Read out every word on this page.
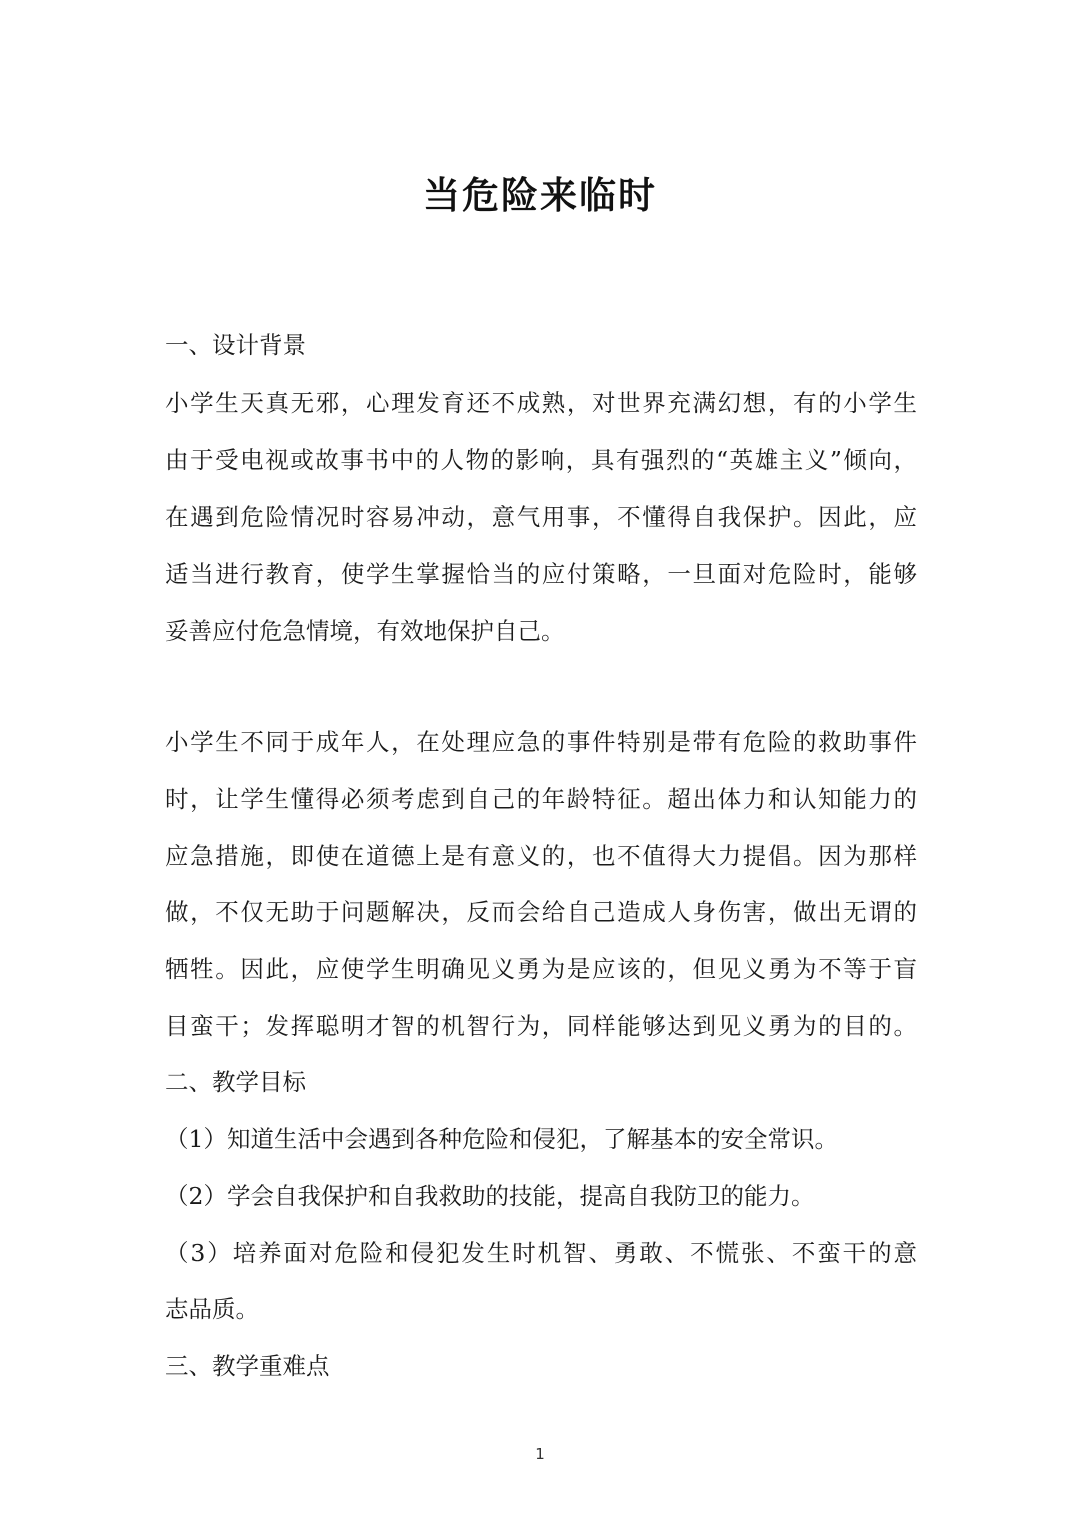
当危险来临时
一、设计背景
小学生天真无邪，心理发育还不成熟，对世界充满幻想，有的小学生
由于受电视或故事书中的人物的影响，具有强烈的“英雄主义”倾向，
在遇到危险情况时容易冲动，意气用事，不懂得自我保护。因此，应
适当进行教育，使学生掌握恰当的应付策略，一旦面对危险时，能够
妥善应付危急情境，有效地保护自己。
小学生不同于成年人，在处理应急的事件特别是带有危险的救助事件
时，让学生懂得必须考虑到自己的年龄特征。超出体力和认知能力的
应急措施，即使在道德上是有意义的，也不值得大力提倡。因为那样
做，不仅无助于问题解决，反而会给自己造成人身伤害，做出无谓的
牺牲。因此，应使学生明确见义勇为是应该的，但见义勇为不等于盲
目蛮干；发挥聪明才智的机智行为，同样能够达到见义勇为的目的。
二、教学目标
（1）知道生活中会遇到各种危险和侵犯，了解基本的安全常识。
（2）学会自我保护和自我救助的技能，提高自我防卫的能力。
（3）培养面对危险和侵犯发生时机智、勇敢、不慌张、不蛮干的意
志品质。
三、教学重难点
1
